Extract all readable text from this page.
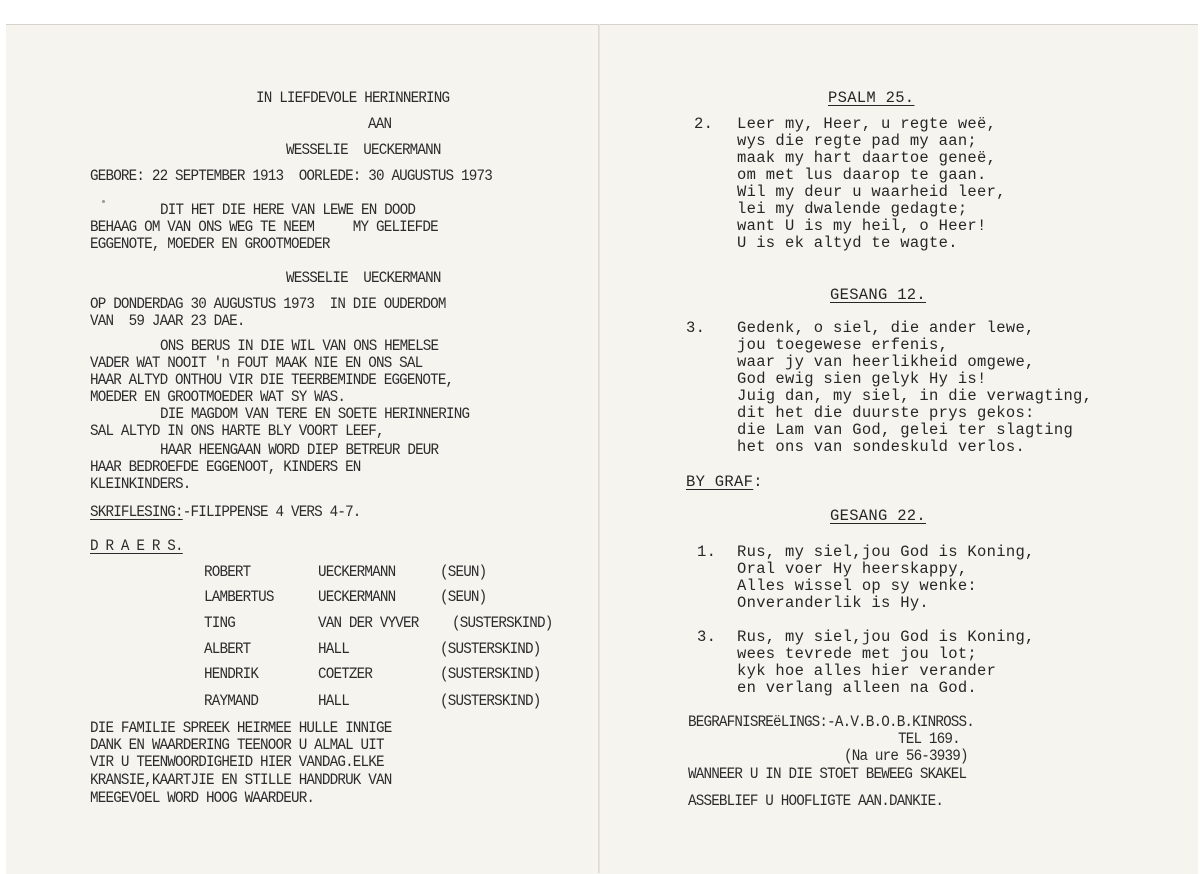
IN LIEFDEVOLE HERINNERING
AAN
WESSELIE  UECKERMANN
GEBORE: 22 SEPTEMBER 1913  OORLEDE: 30 AUGUSTUS 1973
DIT HET DIE HERE VAN LEWE EN DOOD
BEHAAG OM VAN ONS WEG TE NEEM     MY GELIEFDE
EGGENOTE, MOEDER EN GROOTMOEDER
WESSELIE  UECKERMANN
OP DONDERDAG 30 AUGUSTUS 1973  IN DIE OUDERDOM
VAN  59 JAAR 23 DAE.
ONS BERUS IN DIE WIL VAN ONS HEMELSE
VADER WAT NOOIT 'n FOUT MAAK NIE EN ONS SAL
HAAR ALTYD ONTHOU VIR DIE TEERBEMINDE EGGENOTE,
MOEDER EN GROOTMOEDER WAT SY WAS.
DIE MAGDOM VAN TERE EN SOETE HERINNERING
SAL ALTYD IN ONS HARTE BLY VOORT LEEF,
HAAR HEENGAAN WORD DIEP BETREUR DEUR
HAAR BEDROEFDE EGGENOOT, KINDERS EN
KLEINKINDERS.
SKRIFLESING:-FILIPPENSE 4 VERS 4-7.
D R A E R S.
ROBERT	UECKERMANN	(SEUN)
LAMBERTUS	UECKERMANN	(SEUN)
TING	VAN DER VYVER (SUSTERSKIND)
ALBERT	HALL	(SUSTERSKIND)
HENDRIK	COETZER	(SUSTERSKIND)
RAYMAND	HALL	(SUSTERSKIND)
DIE FAMILIE SPREEK HEIRMEE HULLE INNIGE
DANK EN WAARDERING TEENOOR U ALMAL UIT
VIR U TEENWOORDIGHEID HIER VANDAG.ELKE
KRANSIE,KAARTJIE EN STILLE HANDDRUK VAN
MEEGEVOEL WORD HOOG WAARDEUR.
PSALM 25.
2. Leer my, Heer, u regte weë,
wys die regte pad my aan;
maak my hart daartoe geneë,
om met lus daarop te gaan.
Wil my deur u waarheid leer,
lei my dwalende gedagte;
want U is my heil, o Heer!
U is ek altyd te wagte.
GESANG 12.
3. Gedenk, o siel, die ander lewe,
jou toegewese erfenis,
waar jy van heerlikheid omgewe,
God ewig sien gelyk Hy is!
Juig dan, my siel, in die verwagting,
dit het die duurste prys gekos:
die Lam van God, gelei ter slagting
het ons van sondeskuld verlos.
BY GRAF:
GESANG 22.
1. Rus, my siel,jou God is Koning,
Oral voer Hy heerskappy,
Alles wissel op sy wenke:
Onveranderlik is Hy.
3. Rus, my siel,jou God is Koning,
wees tevrede met jou lot;
kyk hoe alles hier verander
en verlang alleen na God.
BEGRAFNISREëLINGS:-A.V.B.O.B.KINROSS.
TEL 169.
(Na ure 56-3939)
WANNEER U IN DIE STOET BEWEEG SKAKEL
ASSEBLIEF U HOOFLIGTE AAN.DANKIE.
